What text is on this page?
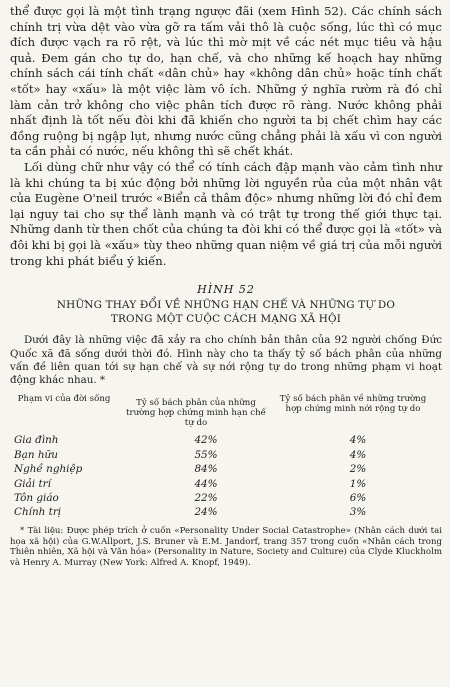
thể được gọi là một tình trạng ngược đãi (xem Hình 52). Các chính sách chính trị vừa dệt vào vừa gỡ ra tấm vải thô là cuộc sống, lúc thì có mục đích được vạch ra rõ rệt, và lúc thì mờ mịt về các nét mục tiêu và hậu quả. Đem gán cho tự do, hạn chế, và cho những kế hoạch hay những chính sách cái tính chất «dân chủ» hay «không dân chủ» hoặc tính chất «tốt» hay «xấu» là một việc làm vô ích. Những ý nghĩa rườm rà đó chỉ làm cản trở không cho việc phân tích được rõ ràng. Nước không phải nhất định là tốt nếu đòi khi đã khiến cho người ta bị chết chìm hay các đồng ruộng bị ngập lụt, nhưng nước cũng chẳng phải là xấu vì con người ta cần phải có nước, nếu không thì sẽ chết khát.

Lối dùng chữ như vậy có thể có tính cách đập mạnh vào cảm tình như là khi chúng ta bị xúc động bởi những lời nguyền rủa của một nhân vật của Eugène O'neil trước «Biển cả thâm độc» nhưng những lời đó chỉ đem lại nguy tai cho sự thể lành mạnh và có trật tự trong thế giới thực tại. Những danh từ then chốt của chúng ta đòi khi có thể được gọi là «tốt» và đôi khi bị gọi là «xấu» tùy theo những quan niệm về giá trị của mỗi người trong khi phát biểu ý kiến.

HÌNH 52
NHỮNG THAY ĐỔI VỀ NHỮNG HẠN CHẾ VÀ NHỮNG TỰ DO
TRONG MỘT CUỘC CÁCH MẠNG XÃ HỘI
Dưới đây là những việc đã xảy ra cho chính bản thân của 92 người chống Đức Quốc xã đã sống dưới thời đó. Hình này cho ta thấy tỷ số bách phân của những vấn đề liên quan tới sự hạn chế và sự nới rộng tự do trong những phạm vi hoạt động khác nhau. *
Phạm vi của đời sống	Tỷ số bách phân của những trường hợp chứng minh hạn chế tự do	Tỷ số bách phân về những trường hợp chứng minh nới rộng tự do
Gia đình	42%	4%
Bạn hữu	55%	4%
Nghề nghiệp	84%	2%
Giải trí	44%	1%
Tôn giáo	22%	6%
Chính trị	24%	3%
* Tài liệu: Được phép trích ở cuốn «Personality Under Social Catastrophe» (Nhân cách dưới tai họa xã hội) của G.W.Allport, J.S. Bruner và E.M. Jandorf, trang 357 trong cuốn «Nhân cách trong Thiên nhiên, Xã hội và Văn hóa» (Personality in Nature, Society and Culture) của Clyde Kluckholm và Henry A. Murray (New York: Alfred A. Knopf, 1949).
